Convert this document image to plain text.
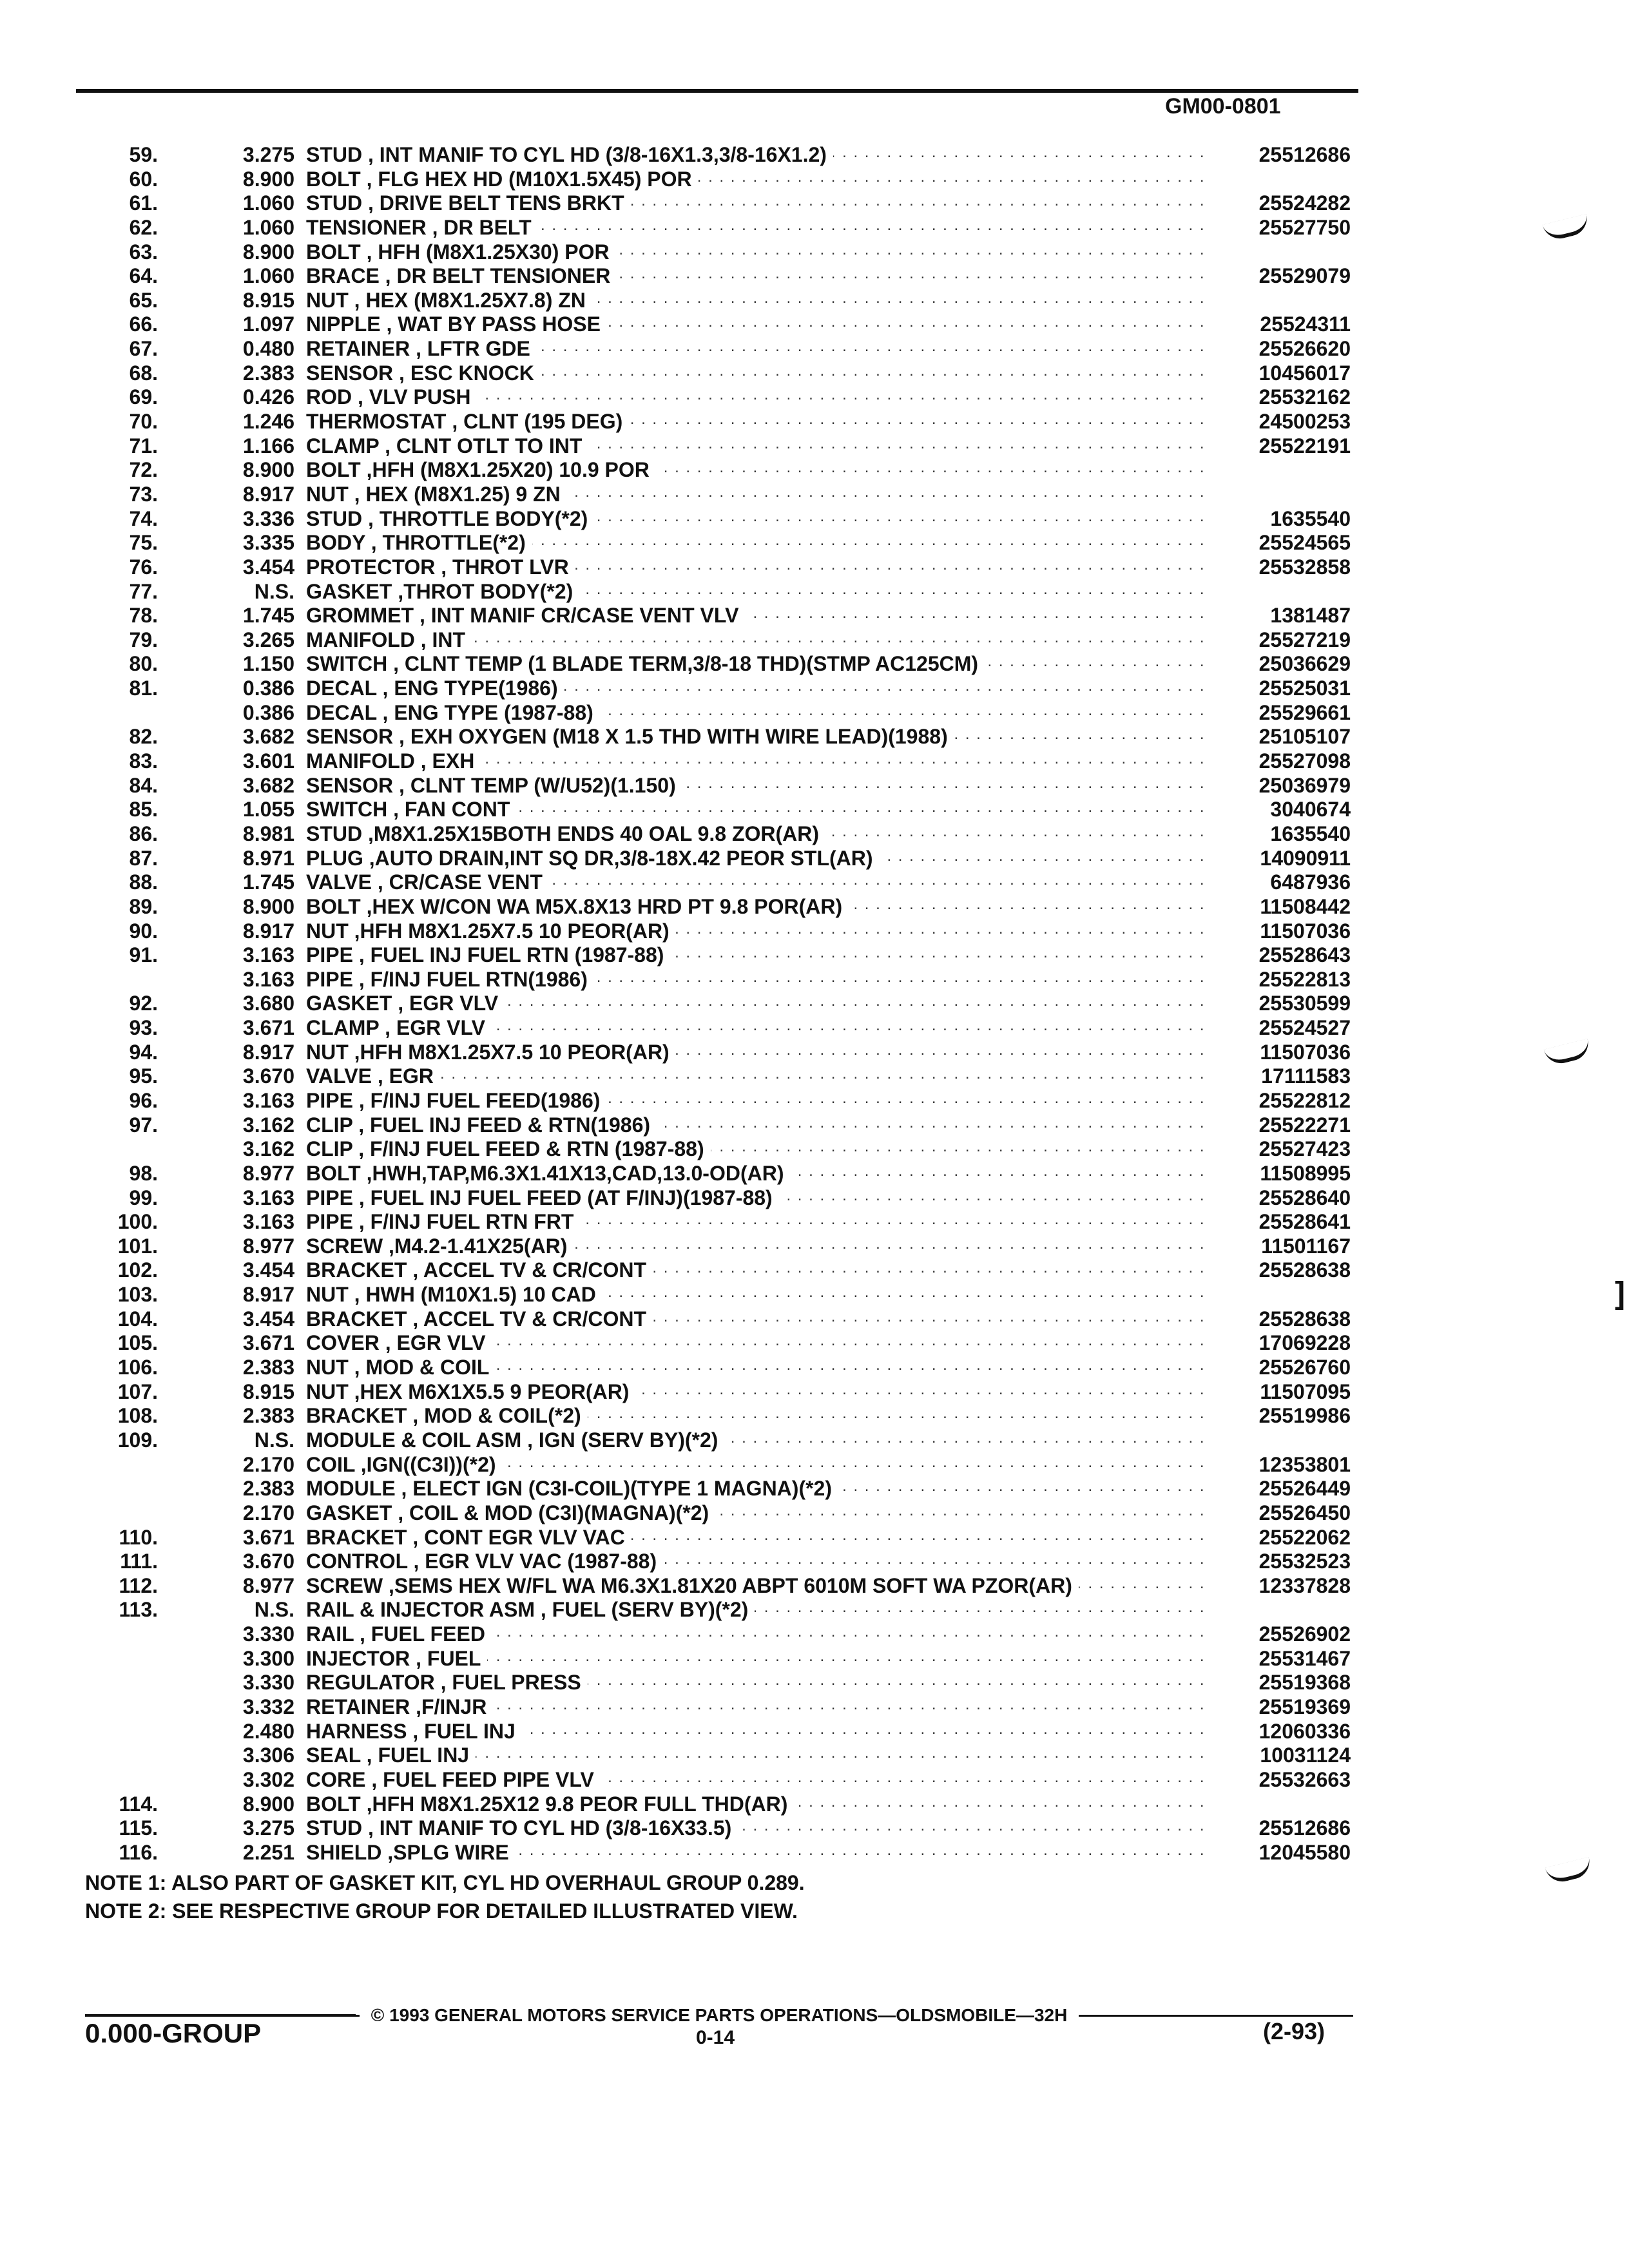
GM00-0801
59.	3.275 STUD , INT MANIF TO CYL HD (3/8-16X1.3,3/8-16X1.2) . . .	25512686
60.	8.900 BOLT , FLG HEX HD (M10X1.5X45) POR . . .
61.	1.060 STUD , DRIVE BELT TENS BRKT . . .	25524282
62.	1.060 TENSIONER , DR BELT . . .	25527750
63.	8.900 BOLT , HFH (M8X1.25X30) POR . . .
64.	1.060 BRACE , DR BELT TENSIONER . . .	25529079
65.	8.915 NUT , HEX (M8X1.25X7.8) ZN . . .
66.	1.097 NIPPLE , WAT BY PASS HOSE . . .	25524311
67.	0.480 RETAINER , LFTR GDE . . .	25526620
68.	2.383 SENSOR , ESC KNOCK . . .	10456017
69.	0.426 ROD , VLV PUSH . . .	25532162
70.	1.246 THERMOSTAT , CLNT (195 DEG) . . .	24500253
71.	1.166 CLAMP , CLNT OTLT TO INT . . .	25522191
72.	8.900 BOLT ,HFH (M8X1.25X20) 10.9 POR . . .
73.	8.917 NUT , HEX (M8X1.25) 9 ZN . . .
74.	3.336 STUD , THROTTLE BODY(*2) . . .	1635540
75.	3.335 BODY , THROTTLE(*2) . . .	25524565
76.	3.454 PROTECTOR , THROT LVR . . .	25532858
77.	N.S. GASKET ,THROT BODY(*2) . . .
78.	1.745 GROMMET , INT MANIF CR/CASE VENT VLV . . .	1381487
79.	3.265 MANIFOLD , INT . . .	25527219
80.	1.150 SWITCH , CLNT TEMP (1 BLADE TERM,3/8-18 THD)(STMP AC125CM) . . .	25036629
81.	0.386 DECAL , ENG TYPE(1986) . . .	25525031
0.386 DECAL , ENG TYPE (1987-88) . . .	25529661
82.	3.682 SENSOR , EXH OXYGEN (M18 X 1.5 THD WITH WIRE LEAD)(1988) . . .	25105107
83.	3.601 MANIFOLD , EXH . . .	25527098
84.	3.682 SENSOR , CLNT TEMP (W/U52)(1.150) . . .	25036979
85.	1.055 SWITCH , FAN CONT . . .	3040674
86.	8.981 STUD ,M8X1.25X15BOTH ENDS 40 OAL 9.8 ZOR(AR) . . .	1635540
87.	8.971 PLUG ,AUTO DRAIN,INT SQ DR,3/8-18X.42 PEOR STL(AR) . . .	14090911
88.	1.745 VALVE , CR/CASE VENT . . .	6487936
89.	8.900 BOLT ,HEX W/CON WA M5X.8X13 HRD PT 9.8 POR(AR) . . .	11508442
90.	8.917 NUT ,HFH M8X1.25X7.5 10 PEOR(AR) . . .	11507036
91.	3.163 PIPE , FUEL INJ FUEL RTN (1987-88) . . .	25528643
3.163 PIPE , F/INJ FUEL RTN(1986) . . .	25522813
92.	3.680 GASKET , EGR VLV . . .	25530599
93.	3.671 CLAMP , EGR VLV . . .	25524527
94.	8.917 NUT ,HFH M8X1.25X7.5 10 PEOR(AR) . . .	11507036
95.	3.670 VALVE , EGR . . .	17111583
96.	3.163 PIPE , F/INJ FUEL FEED(1986) . . .	25522812
97.	3.162 CLIP , FUEL INJ FEED & RTN(1986) . . .	25522271
3.162 CLIP , F/INJ FUEL FEED & RTN (1987-88) . . .	25527423
98.	8.977 BOLT ,HWH,TAP,M6.3X1.41X13,CAD,13.0-OD(AR) . . .	11508995
99.	3.163 PIPE , FUEL INJ FUEL FEED (AT F/INJ)(1987-88) . . .	25528640
100.	3.163 PIPE , F/INJ FUEL RTN FRT . . .	25528641
101.	8.977 SCREW ,M4.2-1.41X25(AR) . . .	11501167
102.	3.454 BRACKET , ACCEL TV & CR/CONT . . .	25528638
103.	8.917 NUT , HWH (M10X1.5) 10 CAD . . .
104.	3.454 BRACKET , ACCEL TV & CR/CONT . . .	25528638
105.	3.671 COVER , EGR VLV . . .	17069228
106.	2.383 NUT , MOD & COIL . . .	25526760
107.	8.915 NUT ,HEX M6X1X5.5 9 PEOR(AR) . . .	11507095
108.	2.383 BRACKET , MOD & COIL(*2) . . .	25519986
109.	N.S. MODULE & COIL ASM , IGN (SERV BY)(*2) . . .
2.170 COIL ,IGN((C3I))(*2) . . .	12353801
2.383 MODULE , ELECT IGN (C3I-COIL)(TYPE 1 MAGNA)(*2) . . .	25526449
2.170 GASKET , COIL & MOD (C3I)(MAGNA)(*2) . . .	25526450
110.	3.671 BRACKET , CONT EGR VLV VAC . . .	25522062
111.	3.670 CONTROL , EGR VLV VAC (1987-88) . . .	25532523
112.	8.977 SCREW ,SEMS HEX W/FL WA M6.3X1.81X20 ABPT 6010M SOFT WA PZOR(AR) . . .	12337828
113.	N.S. RAIL & INJECTOR ASM , FUEL (SERV BY)(*2) . . .
3.330 RAIL , FUEL FEED . . .	25526902
3.300 INJECTOR , FUEL . . .	25531467
3.330 REGULATOR , FUEL PRESS . . .	25519368
3.332 RETAINER ,F/INJR . . .	25519369
2.480 HARNESS , FUEL INJ . . .	12060336
3.306 SEAL , FUEL INJ . . .	10031124
3.302 CORE , FUEL FEED PIPE VLV . . .	25532663
114.	8.900 BOLT ,HFH M8X1.25X12 9.8 PEOR FULL THD(AR) . . .
115.	3.275 STUD , INT MANIF TO CYL HD (3/8-16X33.5) . . .	25512686
116.	2.251 SHIELD ,SPLG WIRE . . .	12045580
NOTE 1: ALSO PART OF GASKET KIT, CYL HD OVERHAUL GROUP 0.289.
NOTE 2: SEE RESPECTIVE GROUP FOR DETAILED ILLUSTRATED VIEW.
© 1993 GENERAL MOTORS SERVICE PARTS OPERATIONS—OLDSMOBILE—32H
0.000-GROUP	0-14	(2-93)
]
